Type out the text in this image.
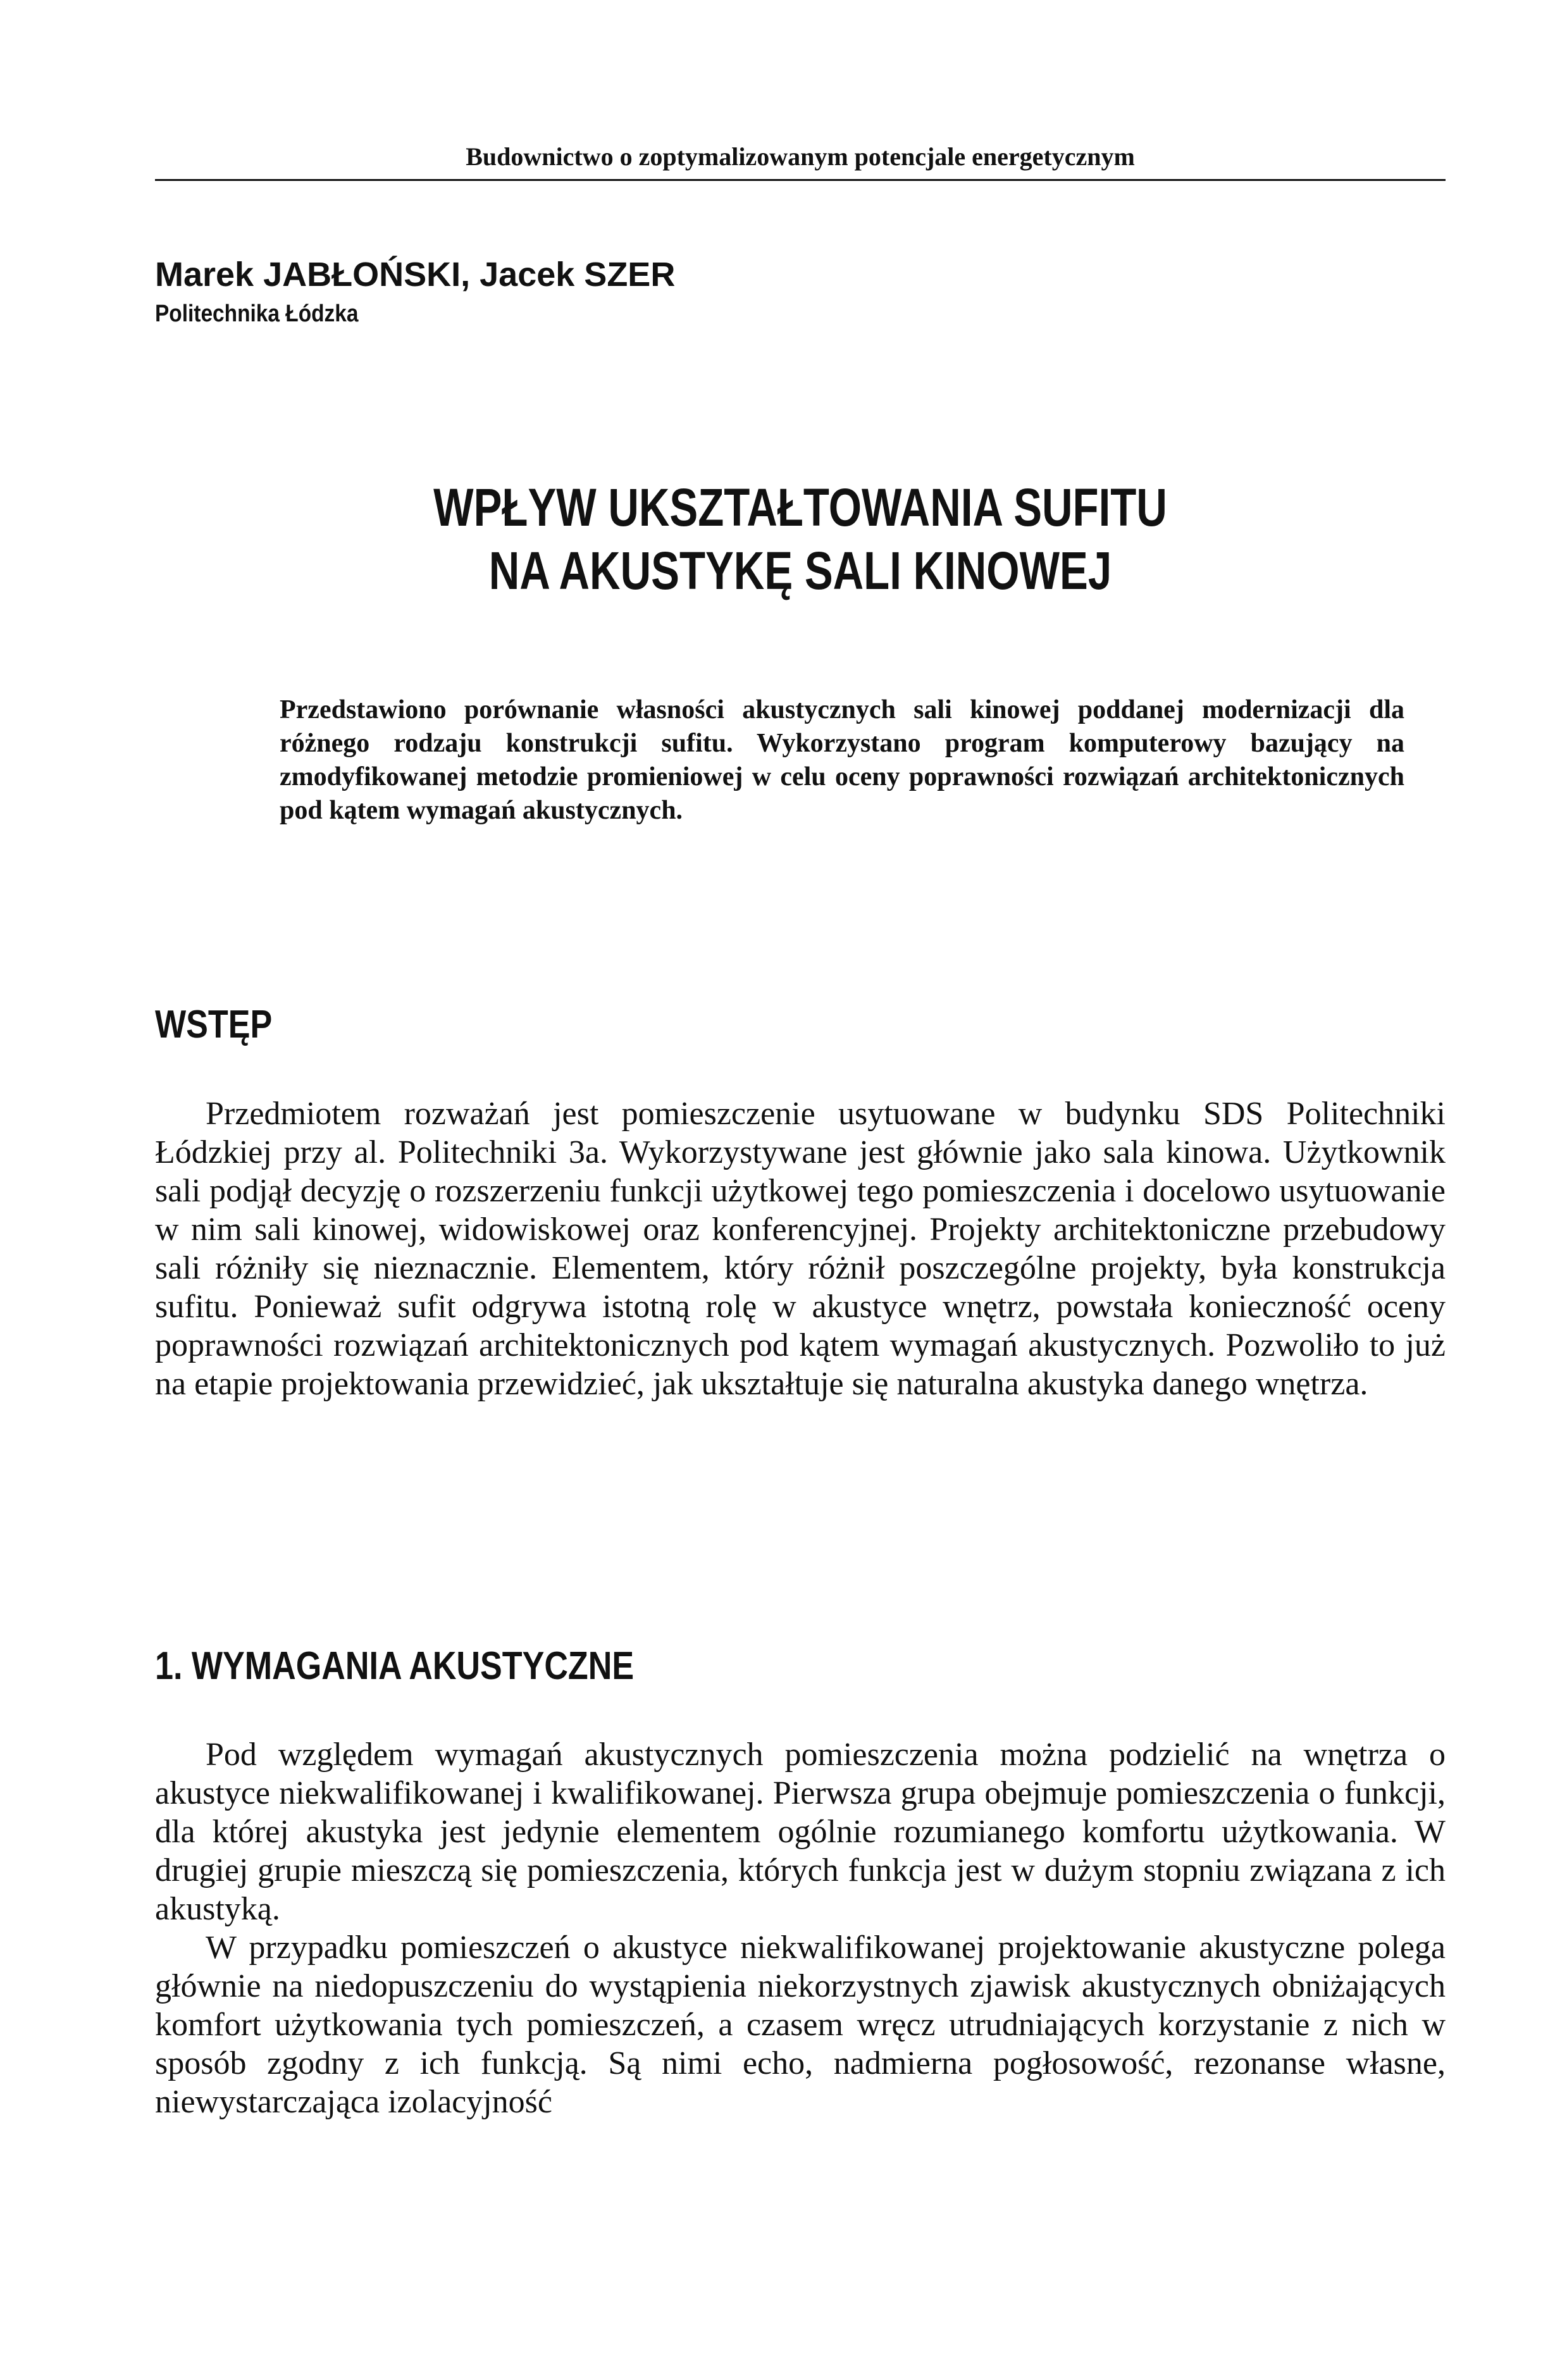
Budownictwo o zoptymalizowanym potencjale energetycznym
Marek JABŁOŃSKI, Jacek SZER
Politechnika Łódzka
WPŁYW UKSZTAŁTOWANIA SUFITU
NA AKUSTYKĘ SALI KINOWEJ
Przedstawiono porównanie własności akustycznych sali kinowej poddanej modernizacji dla różnego rodzaju konstrukcji sufitu. Wykorzystano program komputerowy bazujący na zmodyfikowanej metodzie promieniowej w celu oceny poprawności rozwiązań architektonicznych pod kątem wymagań akustycznych.
WSTĘP
Przedmiotem rozważań jest pomieszczenie usytuowane w budynku SDS Politechniki Łódzkiej przy al. Politechniki 3a. Wykorzystywane jest głównie jako sala kinowa. Użytkownik sali podjął decyzję o rozszerzeniu funkcji użytkowej tego pomieszczenia i docelowo usytuowanie w nim sali kinowej, widowiskowej oraz konferencyjnej. Projekty architektoniczne przebudowy sali różniły się nieznacznie. Elementem, który różnił poszczególne projekty, była konstrukcja sufitu. Ponieważ sufit odgrywa istotną rolę w akustyce wnętrz, powstała konieczność oceny poprawności rozwiązań architektonicznych pod kątem wymagań akustycznych. Pozwoliło to już na etapie projektowania przewidzieć, jak ukształtuje się naturalna akustyka danego wnętrza.
1. WYMAGANIA AKUSTYCZNE
Pod względem wymagań akustycznych pomieszczenia można podzielić na wnętrza o akustyce niekwalifikowanej i kwalifikowanej. Pierwsza grupa obejmuje pomieszczenia o funkcji, dla której akustyka jest jedynie elementem ogólnie rozumianego komfortu użytkowania. W drugiej grupie mieszczą się pomieszczenia, których funkcja jest w dużym stopniu związana z ich akustyką.
W przypadku pomieszczeń o akustyce niekwalifikowanej projektowanie akustyczne polega głównie na niedopuszczeniu do wystąpienia niekorzystnych zjawisk akustycznych obniżających komfort użytkowania tych pomieszczeń, a czasem wręcz utrudniających korzystanie z nich w sposób zgodny z ich funkcją. Są nimi echo, nadmierna pogłosowość, rezonanse własne, niewystarczająca izolacyjność
